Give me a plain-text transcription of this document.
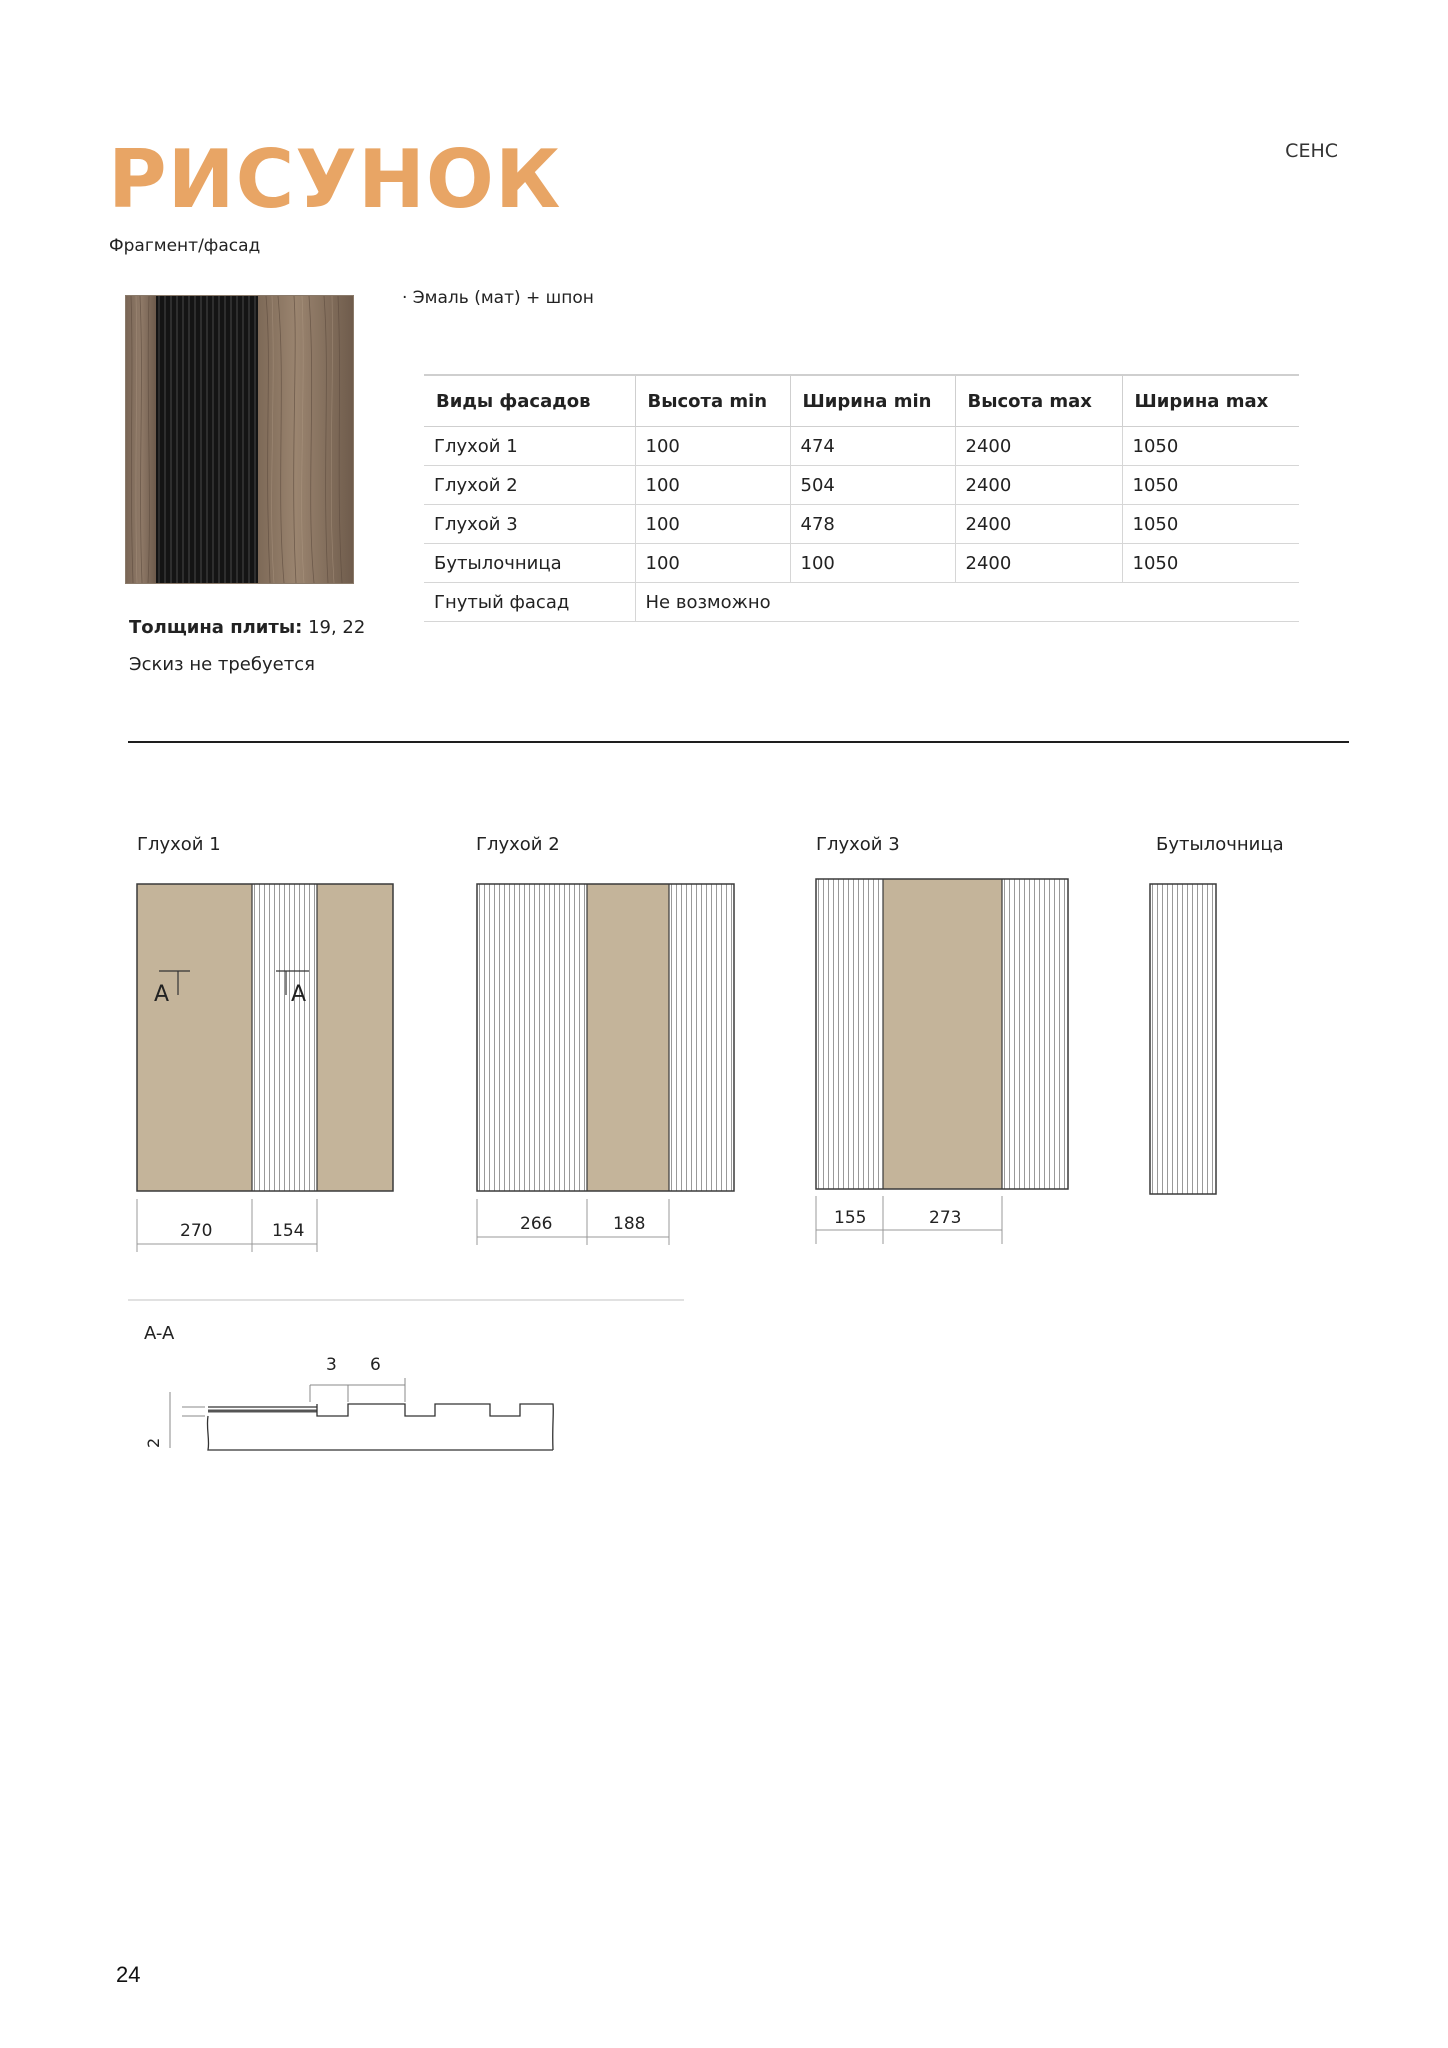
РИСУНОК	СЕНС
Фрагмент/фасад
· Эмаль (мат) + шпон
Толщина плиты: 19, 22
Эскиз не требуется
Виды фасадов	Высота min	Ширина min	Высота max	Ширина max
Глухой 1	100	474	2400	1050
Глухой 2	100	504	2400	1050
Глухой 3	100	478	2400	1050
Бутылочница	100	100	2400	1050
Гнутый фасад	Не возможно			
Глухой 1	Глухой 2	Глухой 3	Бутылочница
A	A
270	154	266	188	155	273
A-A
3 6
2
24
